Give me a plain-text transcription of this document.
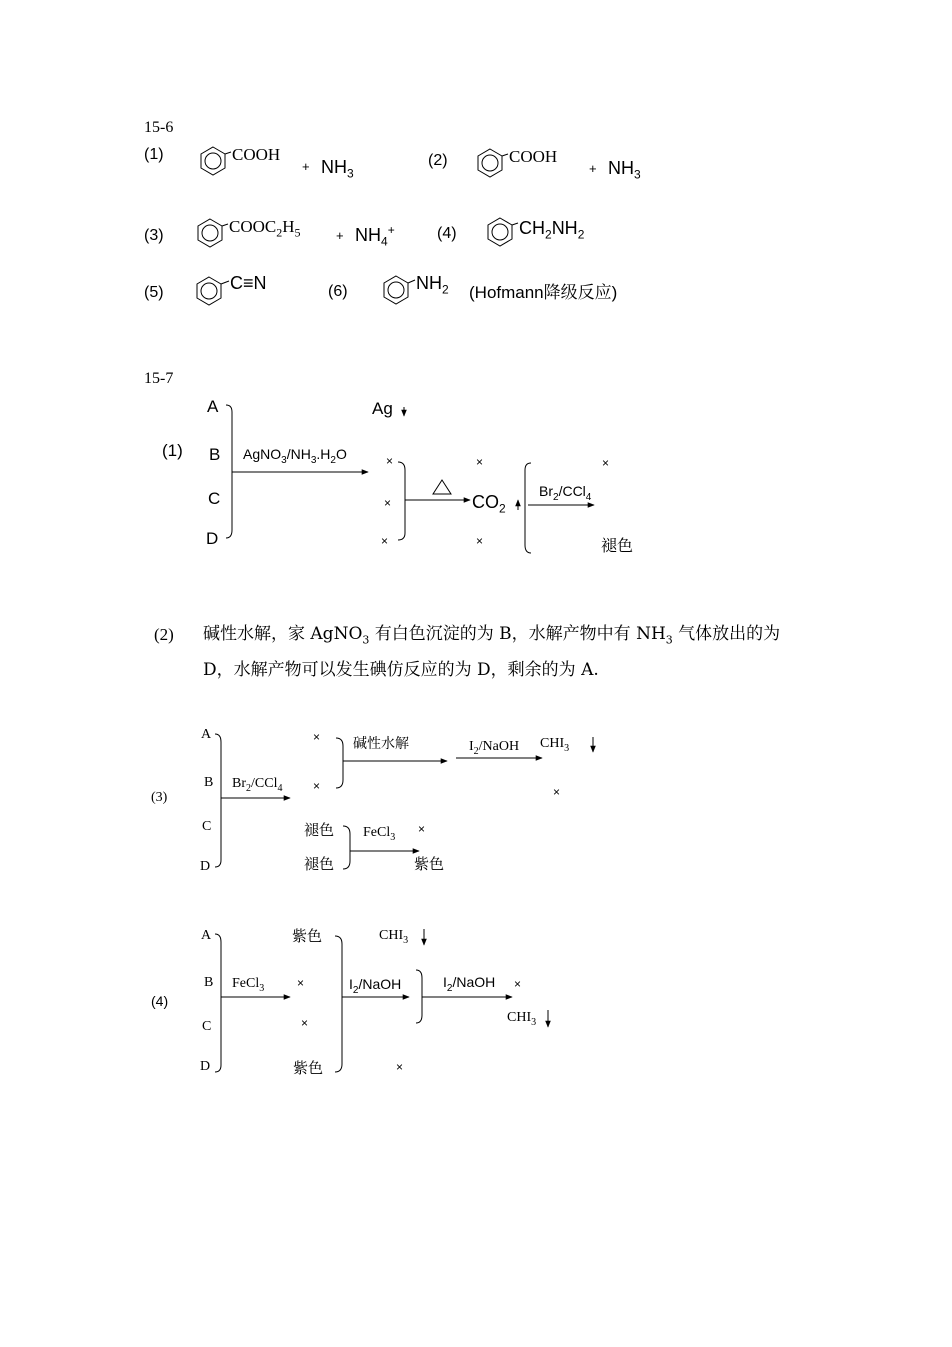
15-6
(1)	COOH
+ $NH_3$
(2)	COOH
+ $NH_3$
(3)	$COOC_2H_5$	+ $NH_4^+$	(4)	$CH_2NH_2$
(5)	C≡N	(6)	$NH_2$ (Hofmann降级反应)
15-7
(1)
A
B
C
D
$AgNO_3/NH_3.H_2O$
Ag
×
×
×
×
$CO_2$
×
$Br_2/CCl_4$
×
褪色
(2) 碱性水解，家 AgNO$_3$ 有白色沉淀的为 B，水解产物中有 $NH_3$ 气体放出的为
D，水解产物可以发生碘仿反应的为 D，剩余的为 A.
(3)
A
B
C
D
$Br_2/CCl_4$
×
×
碱性水解	$I_2$/NaOH $CHI_3$
×
褪色
褪色
FeCl$_3$
×
紫色
(4)
A
B
C
D
FeCl$_3$
紫色
×
×
紫色
$CHI_3$
$I_2$/NaOH
×
$I_2$/NaOH ×
$CHI_3$
